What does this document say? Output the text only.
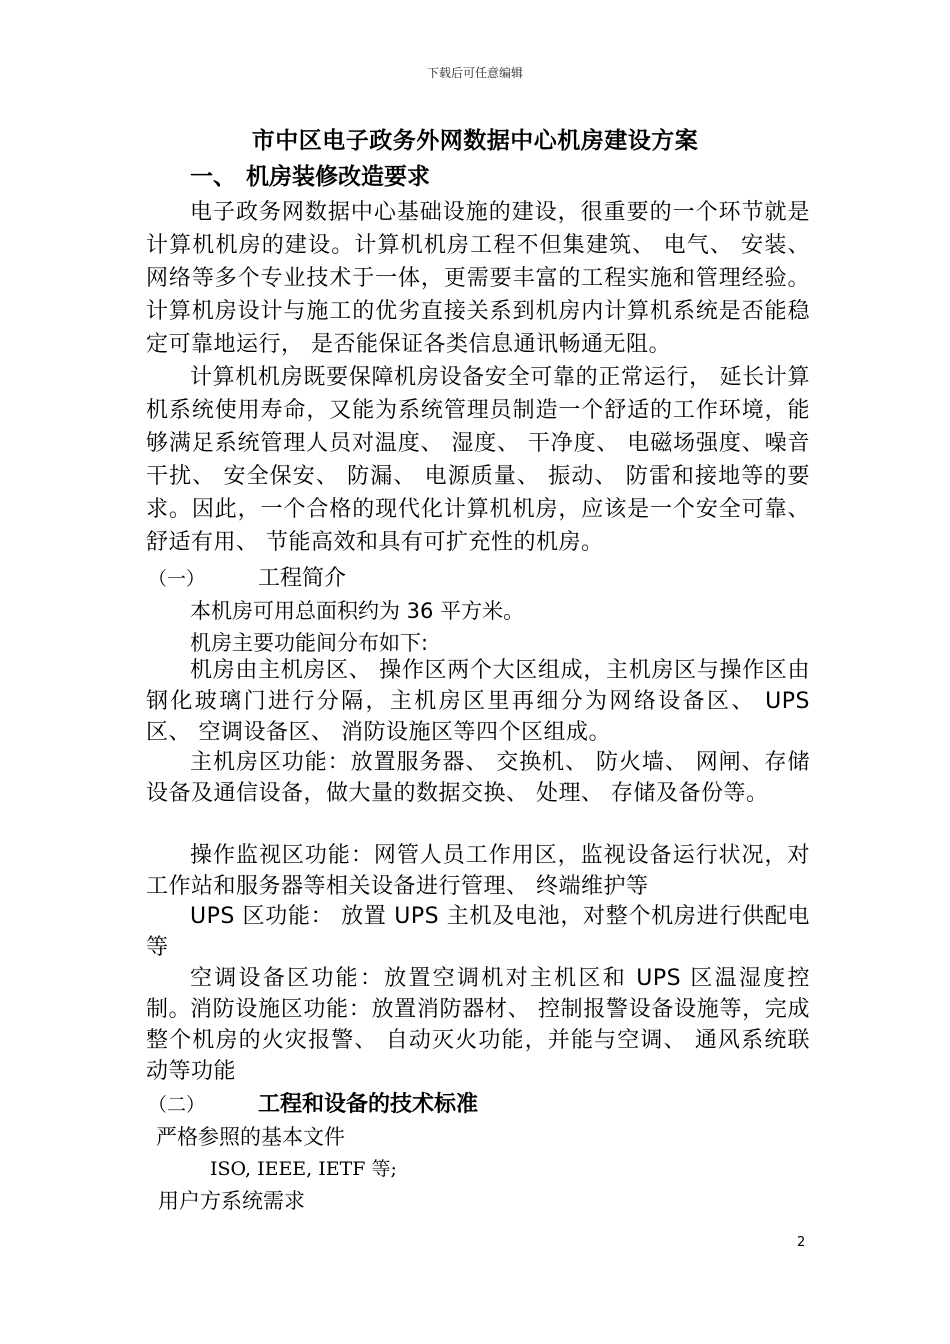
下载后可任意编辑
市中区电子政务外网数据中心机房建设方案
一、 机房装修改造要求
电子政务网数据中心基础设施的建设，很重要的一个环节就是计算机机房的建设。计算机机房工程不但集建筑、 电气、 安装、 网络等多个专业技术于一体，更需要丰富的工程实施和管理经验。计算机房设计与施工的优劣直接关系到机房内计算机系统是否能稳定可靠地运行， 是否能保证各类信息通讯畅通无阻。
计算机机房既要保障机房设备安全可靠的正常运行， 延长计算机系统使用寿命，又能为系统管理员制造一个舒适的工作环境，能够满足系统管理人员对温度、 湿度、 干净度、 电磁场强度、噪音干扰、 安全保安、 防漏、 电源质量、 振动、 防雷和接地等的要求。因此，一个合格的现代化计算机机房，应该是一个安全可靠、 舒适有用、 节能高效和具有可扩充性的机房。
（一） 工程简介
本机房可用总面积约为 36 平方米。
机房主要功能间分布如下:
机房由主机房区、 操作区两个大区组成，主机房区与操作区由钢化玻璃门进行分隔，主机房区里再细分为网络设备区、 UPS 区、 空调设备区、 消防设施区等四个区组成。
主机房区功能：放置服务器、 交换机、 防火墙、 网闸、存储设备及通信设备，做大量的数据交换、 处理、 存储及备份等。
操作监视区功能：网管人员工作用区，监视设备运行状况，对工作站和服务器等相关设备进行管理、 终端维护等
UPS 区功能： 放置 UPS 主机及电池，对整个机房进行供配电等
空调设备区功能：放置空调机对主机区和 UPS 区温湿度控制。
消防设施区功能：放置消防器材、 控制报警设备设施等，完成整个机房的火灾报警、 自动灭火功能，并能与空调、 通风系统联动等功能
（二） 工程和设备的技术标准
严格参照的基本文件
ISO, IEEE, IETF 等;
用户方系统需求
2
